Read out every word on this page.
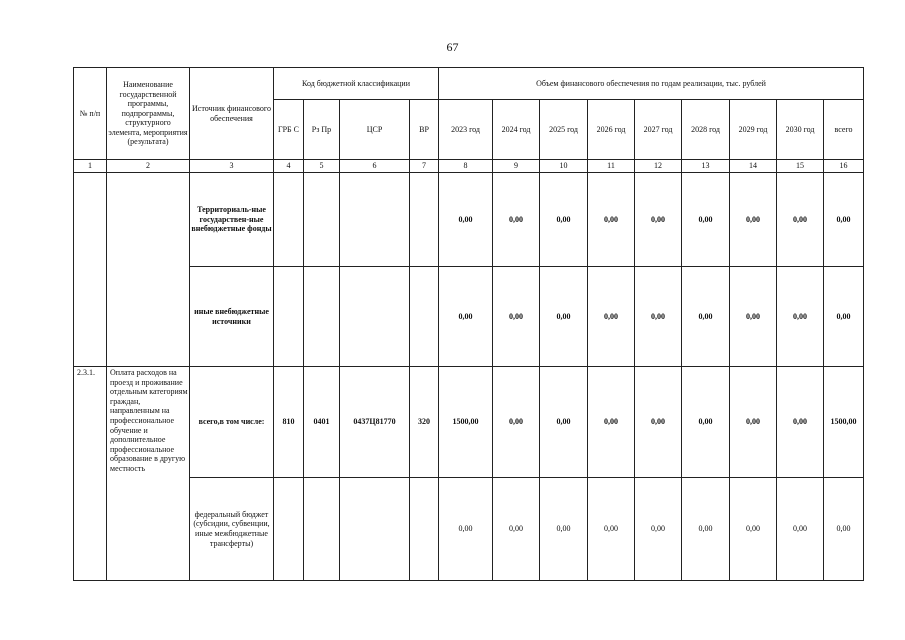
67
№ п/п	Наименование государственной программы, подпрограммы, структурного элемента, мероприятия (результата)	Источник финансового обеспечения	Код бюджетной классификации				Объем финансового обеспечения по годам реализации, тыс. рублей								
			ГРБ С	Рз Пр	ЦСР	ВР	2023 год	2024 год	2025 год	2026 год	2027 год	2028 год	2029 год	2030 год	всего
1	2	3	4	5	6	7	8	9	10	11	12	13	14	15	16
		Территориаль-ные государствен-ные внебюджетные фонды					0,00	0,00	0,00	0,00	0,00	0,00	0,00	0,00	0,00
		иные внебюджетные источники					0,00	0,00	0,00	0,00	0,00	0,00	0,00	0,00	0,00
2.3.1.	Оплата расходов на проезд и проживание отдельным категориям граждан, направленным на профессиональное обучение и дополнительное профессиональное образование в другую местность	всего,в том числе:	810	0401	0437Ц81770	320	1500,00	0,00	0,00	0,00	0,00	0,00	0,00	0,00	1500,00
		федеральный бюджет (субсидии, субвенции, иные межбюджетные трансферты)					0,00	0,00	0,00	0,00	0,00	0,00	0,00	0,00	0,00
